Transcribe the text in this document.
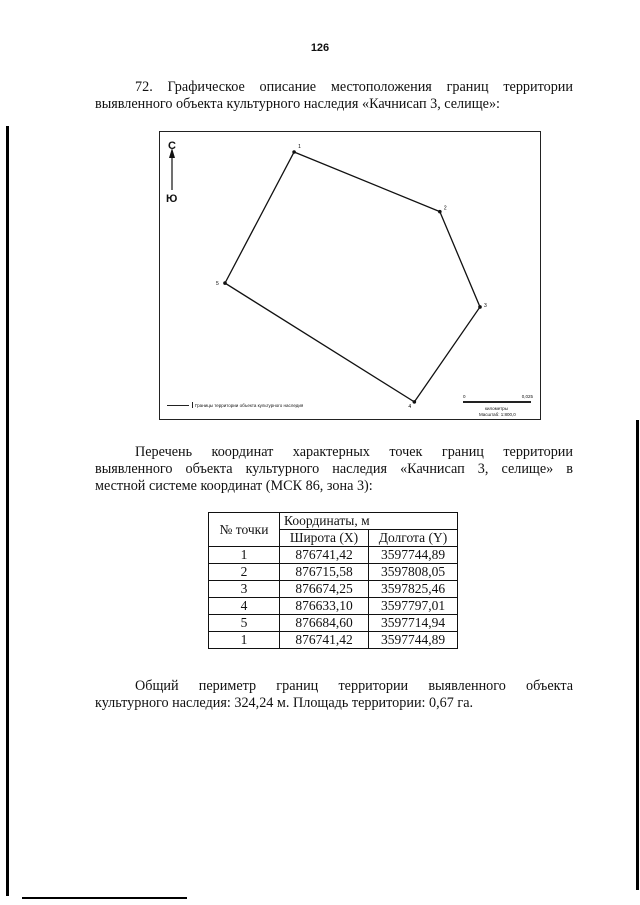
126
72. Графическое описание местоположения границ территории
выявленного объекта культурного наследия «Качнисап 3, селище»:
1
2
3
4
5
С
Ю
Границы территории объекта культурного наследия
0	0,025
километры
Масштаб: 1:800,0
Перечень координат характерных точек границ территории
выявленного объекта культурного наследия «Качнисап 3, селище» в
местной системе координат (МСК 86, зона 3):
№ точки	Координаты, м	
	Широта (X)	Долгота (Y)
1	876741,42	3597744,89
2	876715,58	3597808,05
3	876674,25	3597825,46
4	876633,10	3597797,01
5	876684,60	3597714,94
1	876741,42	3597744,89
Общий периметр границ территории выявленного объекта
культурного наследия: 324,24 м. Площадь территории: 0,67 га.
